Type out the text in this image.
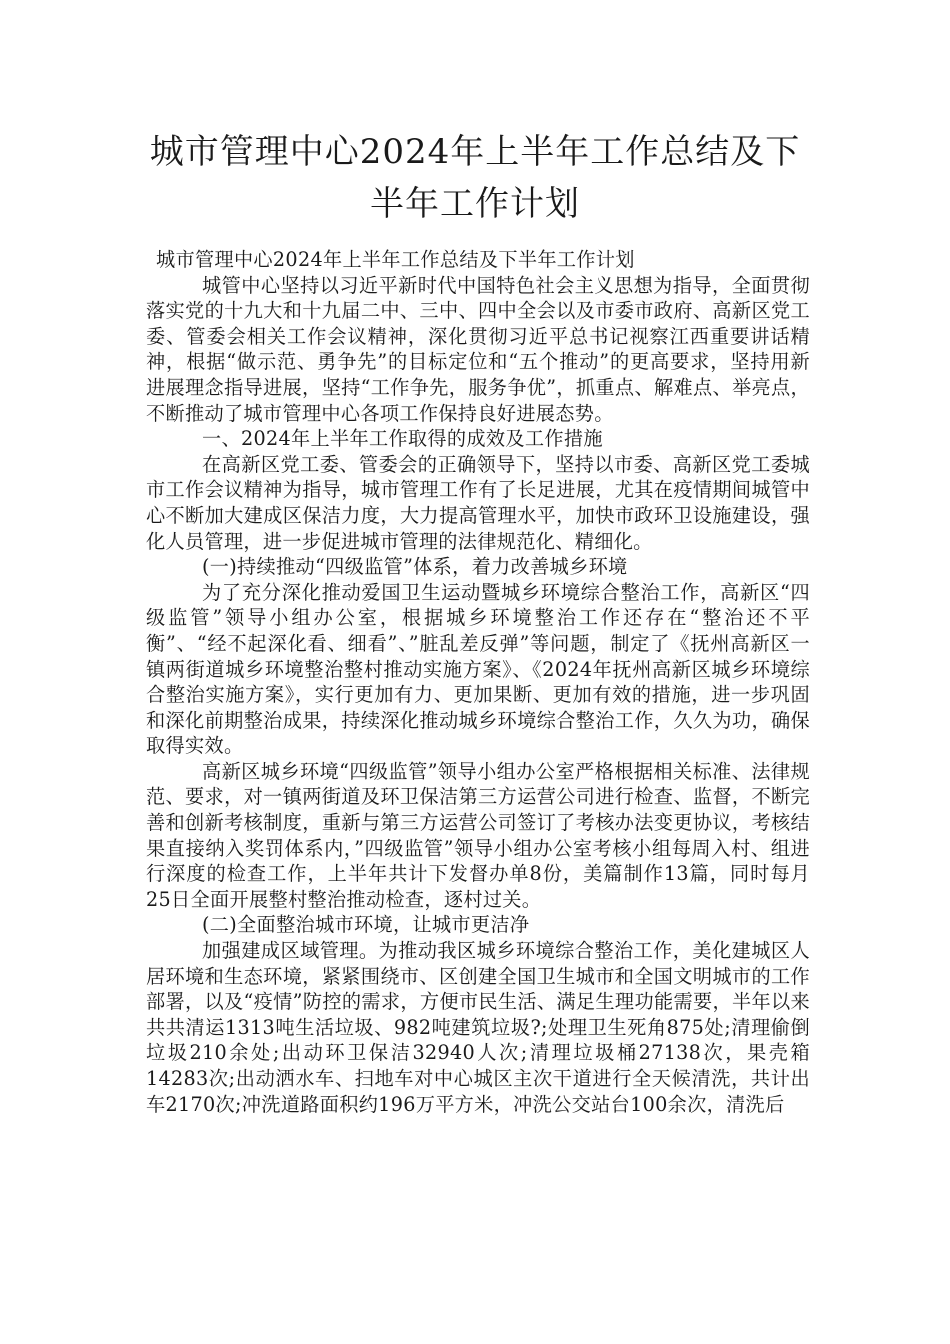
城市管理中心2024年上半年工作总结及下
半年工作计划

城市管理中心2024年上半年工作总结及下半年工作计划

城管中心坚持以习近平新时代中国特色社会主义思想为指导，全面贯彻落实党的十九大和十九届二中、三中、四中全会以及市委市政府、高新区党工委、管委会相关工作会议精神，深化贯彻习近平总书记视察江西重要讲话精神，根据“做示范、勇争先”的目标定位和“五个推动”的更高要求，坚持用新进展理念指导进展，坚持“工作争先，服务争优”，抓重点、解难点、举亮点，不断推动了城市管理中心各项工作保持良好进展态势。

一、2024年上半年工作取得的成效及工作措施

在高新区党工委、管委会的正确领导下，坚持以市委、高新区党工委城市工作会议精神为指导，城市管理工作有了长足进展，尤其在疫情期间城管中心不断加大建成区保洁力度，大力提高管理水平，加快市政环卫设施建设，强化人员管理，进一步促进城市管理的法律规范化、精细化。

(一)持续推动“四级监管”体系，着力改善城乡环境

为了充分深化推动爱国卫生运动暨城乡环境综合整治工作，高新区“四级监管”领导小组办公室，根据城乡环境整治工作还存在“整治还不平衡”、“经不起深化看、细看”、”脏乱差反弹”等问题，制定了《抚州高新区一镇两街道城乡环境整治整村推动实施方案》、《2024年抚州高新区城乡环境综合整治实施方案》，实行更加有力、更加果断、更加有效的措施，进一步巩固和深化前期整治成果，持续深化推动城乡环境综合整治工作，久久为功，确保取得实效。

高新区城乡环境“四级监管”领导小组办公室严格根据相关标准、法律规范、要求，对一镇两街道及环卫保洁第三方运营公司进行检查、监督，不断完善和创新考核制度，重新与第三方运营公司签订了考核办法变更协议，考核结果直接纳入奖罚体系内，”四级监管”领导小组办公室考核小组每周入村、组进行深度的检查工作，上半年共计下发督办单8份，美篇制作13篇，同时每月25日全面开展整村整治推动检查，逐村过关。

(二)全面整治城市环境，让城市更洁净

加强建成区域管理。为推动我区城乡环境综合整治工作，美化建城区人居环境和生态环境，紧紧围绕市、区创建全国卫生城市和全国文明城市的工作部署，以及“疫情”防控的需求，方便市民生活、满足生理功能需要，半年以来共共清运1313吨生活垃圾、982吨建筑垃圾?;处理卫生死角875处;清理偷倒垃圾210余处;出动环卫保洁32940人次;清理垃圾桶27138次，果壳箱14283次;出动洒水车、扫地车对中心城区主次干道进行全天候清洗，共计出车2170次;冲洗道路面积约196万平方米，冲洗公交站台100余次，清洗后
